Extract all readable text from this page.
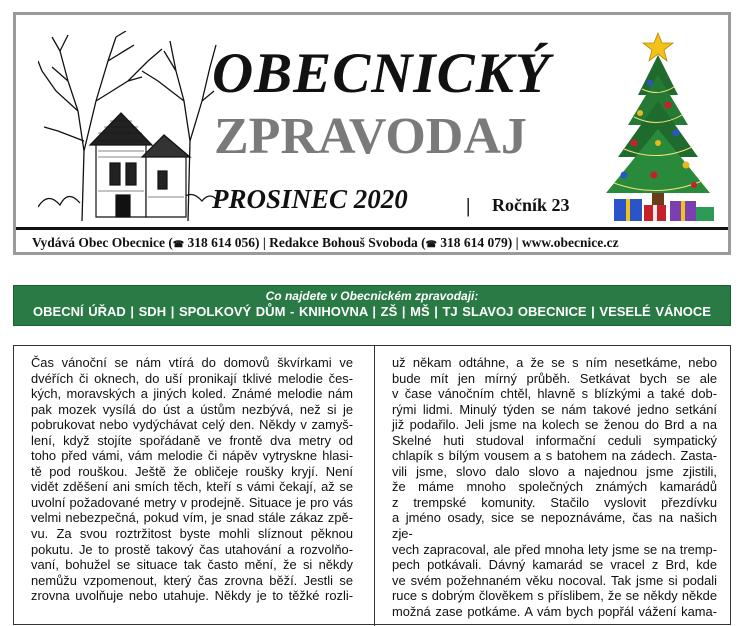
OBECNICKÝ
ZPRAVODAJ
PROSINEC 2020	| Ročník 23
Vydává Obec Obecnice (☎ 318 614 056) | Redakce Bohouš Svoboda (☎ 318 614 079) | www.obecnice.cz
Co najdete v Obecnickém zpravodaji:
OBECNÍ ÚŘAD | SDH | SPOLKOVÝ DŮM - KNIHOVNA | ZŠ | MŠ | TJ SLAVOJ OBECNICE | VESELÉ VÁNOCE
Čas vánoční se nám vtírá do domovů škvírkami ve
dvéřích či oknech, do uší pronikají tklivé melodie čes-
kých, moravských a jiných koled. Známé melodie nám
pak mozek vysílá do úst a ústům nezbývá, než si je
pobrukovat nebo vydýchávat celý den. Někdy v zamyš-
lení, když stojíte spořádaně ve frontě dva metry od
toho před vámi, vám melodie či nápěv vytryskne hlasi-
tě pod rouškou. Ještě že obličeje roušky kryjí. Není
vidět zděšení ani smích těch, kteří s vámi čekají, až se
uvolní požadované metry v prodejně. Situace je pro vás
velmi nebezpečná, pokud vím, je snad stále zákaz zpě-
vu. Za svou roztržitost byste mohli slíznout pěknou
pokutu. Je to prostě takový čas utahování a rozvolňo-
vaní, bohužel se situace tak často mění, že si někdy
nemůžu vzpomenout, který čas zrovna běží. Jestli se
zrovna uvolňuje nebo utahuje. Někdy je to těžké rozli-
už někam odtáhne, a že se s ním nesetkáme, nebo
bude mít jen mírný průběh. Setkávat bych se ale
v čase vánočním chtěl, hlavně s blízkými a také dob-
rými lidmi. Minulý týden se nám takové jedno setkání
již podařilo. Jeli jsme na kolech se ženou do Brd a na
Skelné huti studoval informační ceduli sympatický
chlapík s bílým vousem a s batohem na zádech. Zasta-
vili jsme, slovo dalo slovo a najednou jsme zjistili,
že máme mnoho společných známých kamarádů
z trempské komunity. Stačilo vyslovit přezdívku
a jméno osady, sice se nepoznáváme, čas na našich zje-
vech zapracoval, ale před mnoha lety jsme se na tremp-
pech potkávali. Dávný kamarád se vracel z Brd, kde
ve svém požehnaném věku nocoval. Tak jsme si podali
ruce s dobrým člověkem s příslibem, že se někdy někde
možná zase potkáme. A vám bych popřál vážení kama-
